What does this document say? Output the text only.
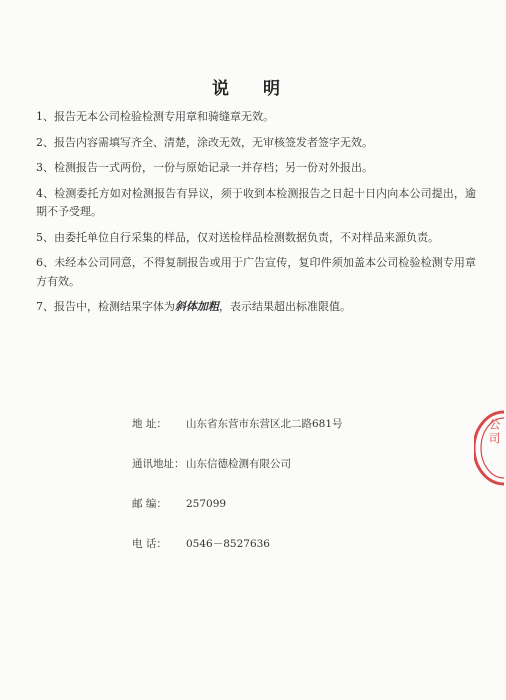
说 明
1、报告无本公司检验检测专用章和骑缝章无效。
2、报告内容需填写齐全、清楚，涂改无效，无审核签发者签字无效。
3、检测报告一式两份，一份与原始记录一并存档；另一份对外报出。
4、检测委托方如对检测报告有异议，须于收到本检测报告之日起十日内向本公司提出，逾期不予受理。
5、由委托单位自行采集的样品，仅对送检样品检测数据负责，不对样品来源负责。
6、未经本公司同意，不得复制报告或用于广告宣传，复印件须加盖本公司检验检测专用章方有效。
7、报告中，检测结果字体为斜体加粗，表示结果超出标准限值。
地 址： 山东省东营市东营区北二路681号
通讯地址： 山东信德检测有限公司
邮 编： 257099
电 话： 0546－8527636
公司
